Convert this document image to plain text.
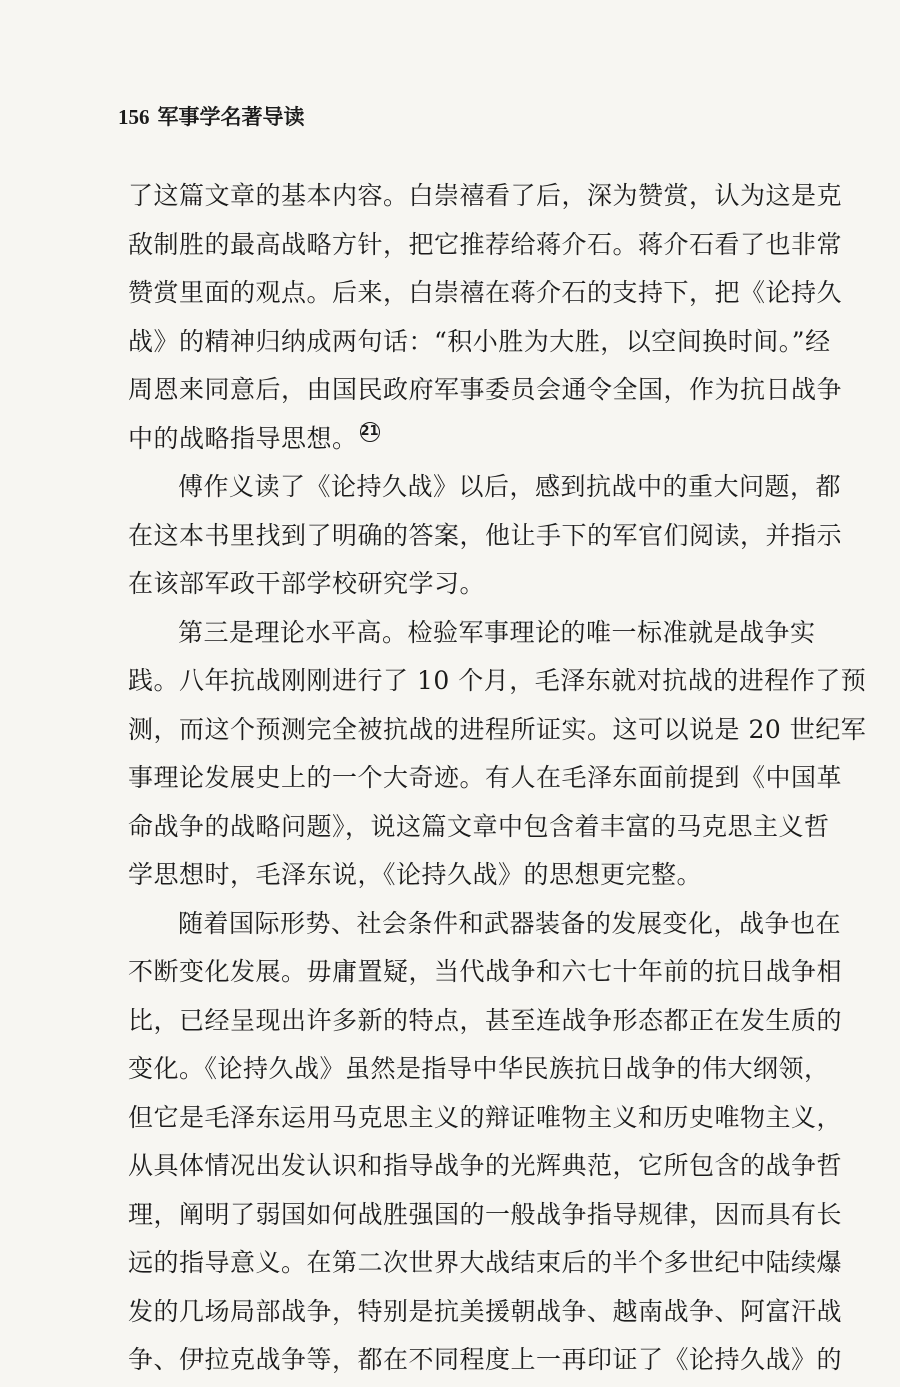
156 军事学名著导读
了这篇文章的基本内容。白崇禧看了后，深为赞赏，认为这是克
敌制胜的最高战略方针，把它推荐给蒋介石。蒋介石看了也非常
赞赏里面的观点。后来，白崇禧在蒋介石的支持下，把《论持久
战》的精神归纳成两句话：“积小胜为大胜，以空间换时间。”经
周恩来同意后，由国民政府军事委员会通令全国，作为抗日战争
中的战略指导思想。 $^{21}$
傅作义读了《论持久战》以后，感到抗战中的重大问题，都
在这本书里找到了明确的答案，他让手下的军官们阅读，并指示
在该部军政干部学校研究学习。
第三是理论水平高。检验军事理论的唯一标准就是战争实
践。八年抗战刚刚进行了 10 个月，毛泽东就对抗战的进程作了预
测，而这个预测完全被抗战的进程所证实。这可以说是 20 世纪军
事理论发展史上的一个大奇迹。有人在毛泽东面前提到《中国革
命战争的战略问题》，说这篇文章中包含着丰富的马克思主义哲
学思想时，毛泽东说，《论持久战》的思想更完整。
随着国际形势、社会条件和武器装备的发展变化，战争也在
不断变化发展。毋庸置疑，当代战争和六七十年前的抗日战争相
比，已经呈现出许多新的特点，甚至连战争形态都正在发生质的
变化。《论持久战》虽然是指导中华民族抗日战争的伟大纲领，
但它是毛泽东运用马克思主义的辩证唯物主义和历史唯物主义，
从具体情况出发认识和指导战争的光辉典范，它所包含的战争哲
理，阐明了弱国如何战胜强国的一般战争指导规律，因而具有长
远的指导意义。在第二次世界大战结束后的半个多世纪中陆续爆
发的几场局部战争，特别是抗美援朝战争、越南战争、阿富汗战
争、伊拉克战争等，都在不同程度上一再印证了《论持久战》的
